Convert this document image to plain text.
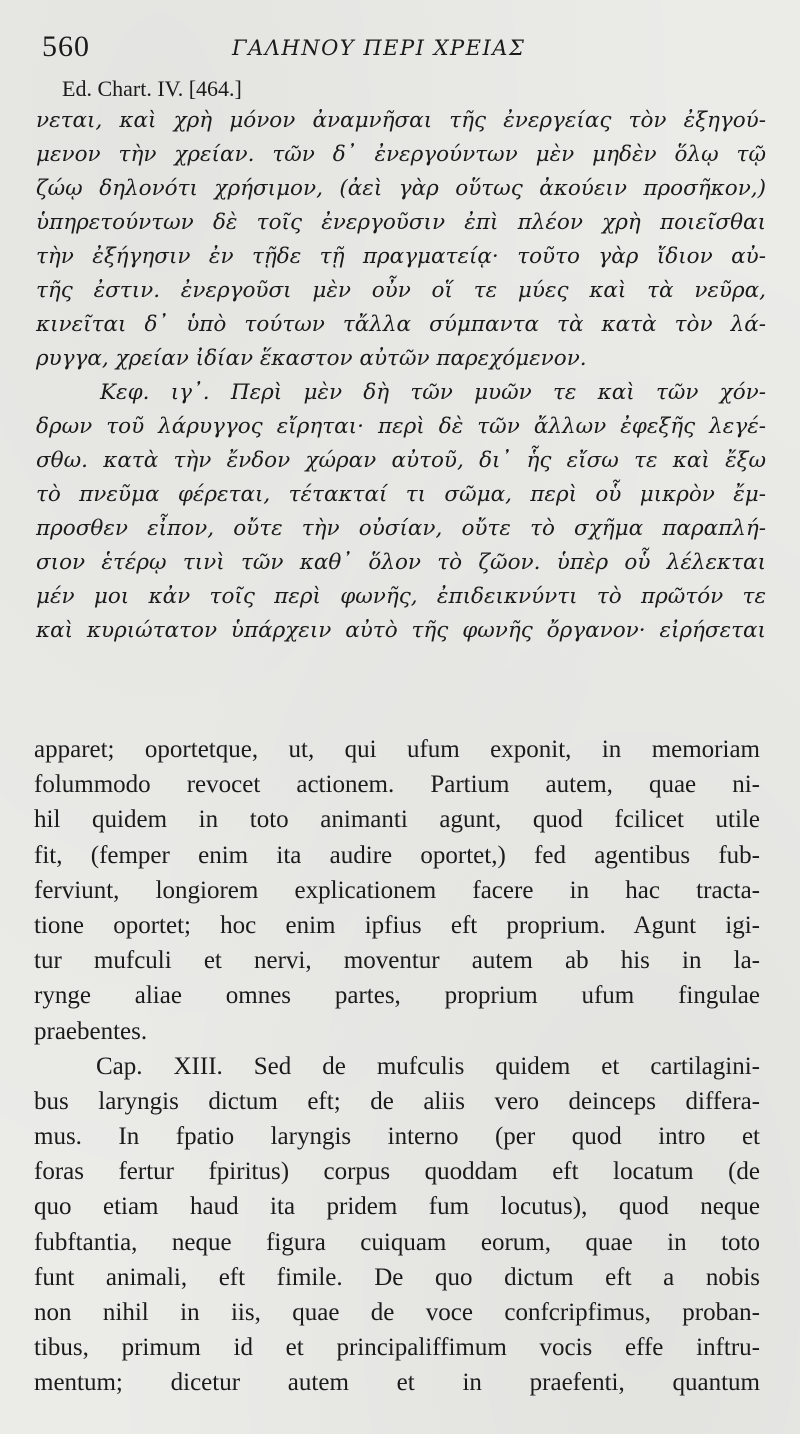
560	ΓΑΛΗΝΟΥ ΠΕΡΙ ΧΡΕΙΑΣ
Ed. Chart. IV. [464.]
νεται, καὶ χρὴ μόνον ἀναμνῆσαι τῆς ἐνεργείας τὸν ἐξηγού-
μενον τὴν χρείαν. τῶν δ᾽ ἐνεργούντων μὲν μηδὲν ὅλῳ τῷ
ζώῳ δηλονότι χρήσιμον, (ἀεὶ γὰρ οὕτως ἀκούειν προσῆκον,)
ὑπηρετούντων δὲ τοῖς ἐνεργοῦσιν ἐπὶ πλέον χρὴ ποιεῖσθαι
τὴν ἐξήγησιν ἐν τῇδε τῇ πραγματείᾳ· τοῦτο γὰρ ἴδιον αὐ-
τῆς ἐστιν. ἐνεργοῦσι μὲν οὖν οἵ τε μύες καὶ τὰ νεῦρα,
κινεῖται δ᾽ ὑπὸ τούτων τἄλλα σύμπαντα τὰ κατὰ τὸν λά-
ρυγγα, χρείαν ἰδίαν ἕκαστον αὐτῶν παρεχόμενον.
Κεφ. ιγ᾽. Περὶ μὲν δὴ τῶν μυῶν τε καὶ τῶν χόν-
δρων τοῦ λάρυγγος εἴρηται· περὶ δὲ τῶν ἄλλων ἐφεξῆς λεγέ-
σθω. κατὰ τὴν ἔνδον χώραν αὐτοῦ, δι᾽ ἧς εἴσω τε καὶ ἔξω
τὸ πνεῦμα φέρεται, τέτακταί τι σῶμα, περὶ οὗ μικρὸν ἔμ-
προσθεν εἶπον, οὔτε τὴν οὐσίαν, οὔτε τὸ σχῆμα παραπλή-
σιον ἑτέρῳ τινὶ τῶν καθ᾽ ὅλον τὸ ζῶον. ὑπὲρ οὗ λέλεκται
μέν μοι κἀν τοῖς περὶ φωνῆς, ἐπιδεικνύντι τὸ πρῶτόν τε
καὶ κυριώτατον ὑπάρχειν αὐτὸ τῆς φωνῆς ὄργανον· εἰρήσεται
apparet; oportetque, ut, qui ufum exponit, in memoriam
folummodo revocet actionem. Partium autem, quae ni-
hil quidem in toto animanti agunt, quod fcilicet utile
fit, (femper enim ita audire oportet,) fed agentibus fub-
ferviunt, longiorem explicationem facere in hac tracta-
tione oportet; hoc enim ipfius eft proprium. Agunt igi-
tur mufculi et nervi, moventur autem ab his in la-
rynge aliae omnes partes, proprium ufum fingulae
praebentes.
Cap. XIII. Sed de mufculis quidem et cartilagini-
bus laryngis dictum eft; de aliis vero deinceps differa-
mus. In fpatio laryngis interno (per quod intro et
foras fertur fpiritus) corpus quoddam eft locatum (de
quo etiam haud ita pridem fum locutus), quod neque
fubftantia, neque figura cuiquam eorum, quae in toto
funt animali, eft fimile. De quo dictum eft a nobis
non nihil in iis, quae de voce confcripfimus, proban-
tibus, primum id et principaliffimum vocis effe inftru-
mentum; dicetur autem et in praefenti, quantum
